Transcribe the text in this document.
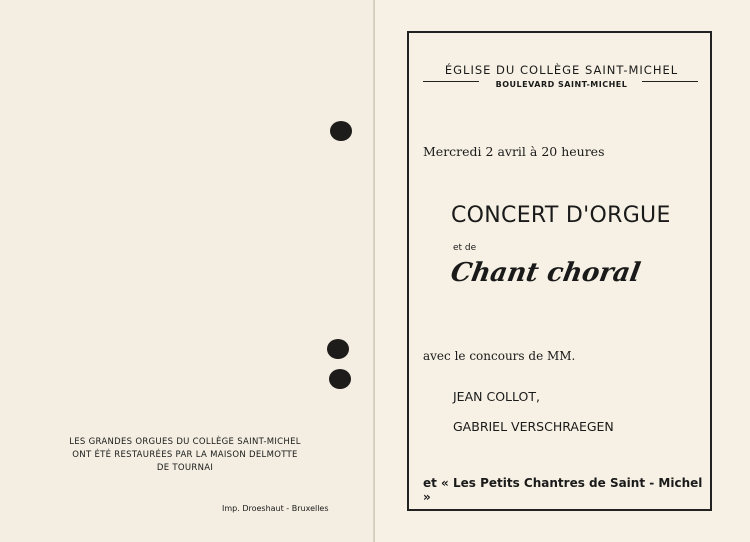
LES GRANDES ORGUES DU COLLÈGE SAINT-MICHEL
ONT ÉTÉ RESTAURÉES PAR LA MAISON DELMOTTE
DE TOURNAI
Imp. Droeshaut - Bruxelles
ÉGLISE DU COLLÈGE SAINT-MICHEL
BOULEVARD SAINT-MICHEL
Mercredi 2 avril à 20 heures
CONCERT D'ORGUE
et de
Chant choral
avec le concours de MM.
JEAN COLLOT,
GABRIEL VERSCHRAEGEN
et « Les Petits Chantres de Saint - Michel »
